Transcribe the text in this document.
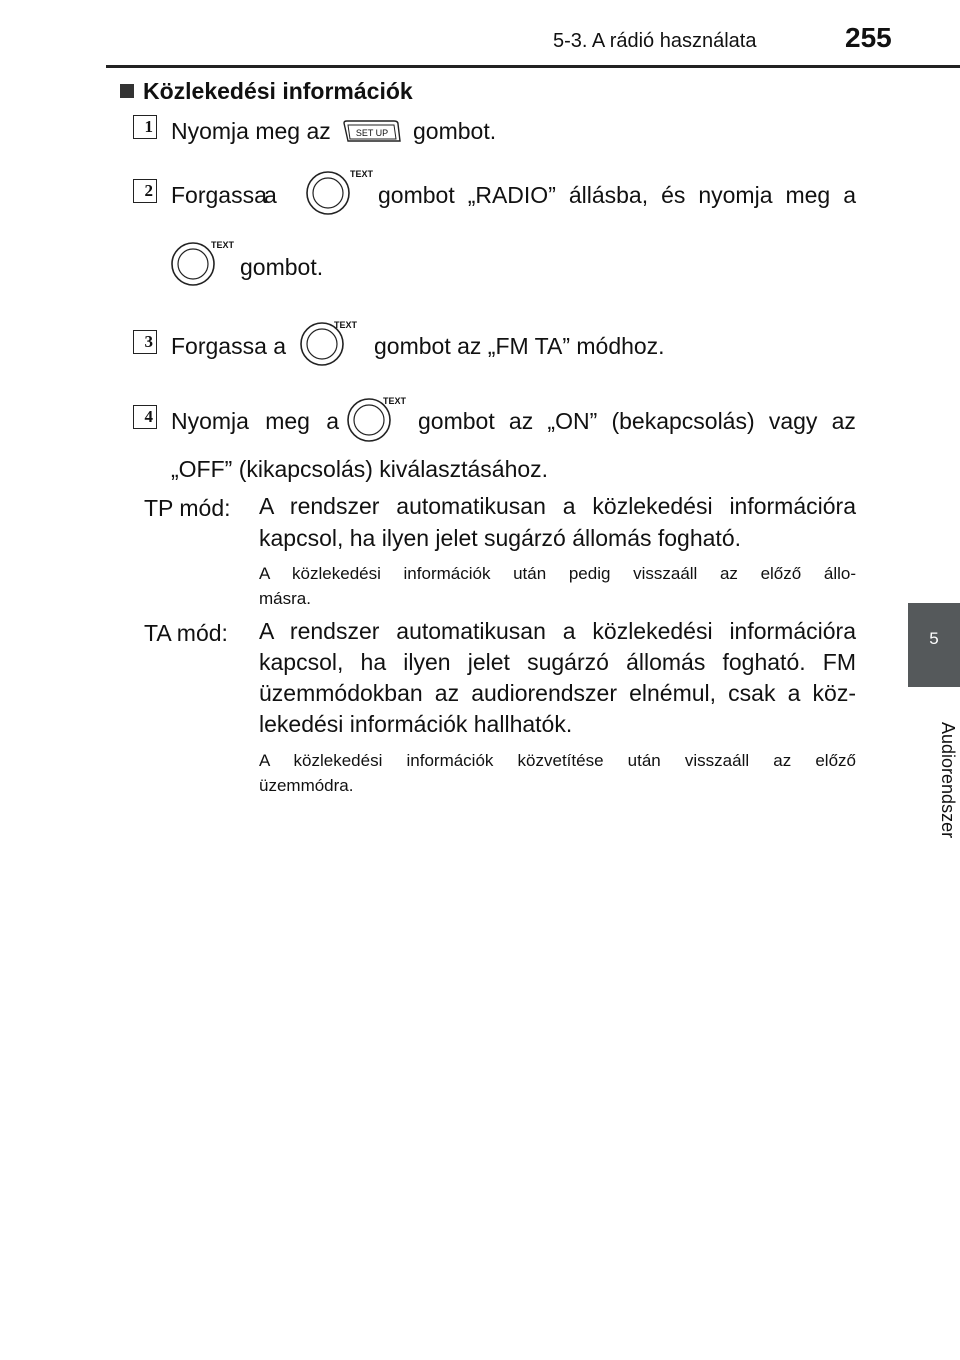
5-3. A rádió használata	255
5
Audiorendszer
Közlekedési információk
1 Nyomja meg az	SET UP gombot.
2 Forgassa
a
TEXT
gombot „RADIO” állásba, és nyomja meg a
TEXT
gombot.
3 Forgassa a
TEXT
gombot az „FM TA” módhoz.
4 Nyomja meg a
TEXT
gombot az „ON” (bekapcsolás) vagy az
„OFF” (kikapcsolás) kiválasztásához.
TP mód: A rendszer automatikusan a közlekedési információra
kapcsol, ha ilyen jelet sugárzó állomás fogható.
A közlekedési információk után pedig visszaáll az előző állo-
másra.
TA mód: A rendszer automatikusan a közlekedési információra
kapcsol, ha ilyen jelet sugárzó állomás fogható. FM
üzemmódokban az audiorendszer elnémul, csak a köz-
lekedési információk hallhatók.
A közlekedési információk közvetítése után visszaáll az előző
üzemmódra.
